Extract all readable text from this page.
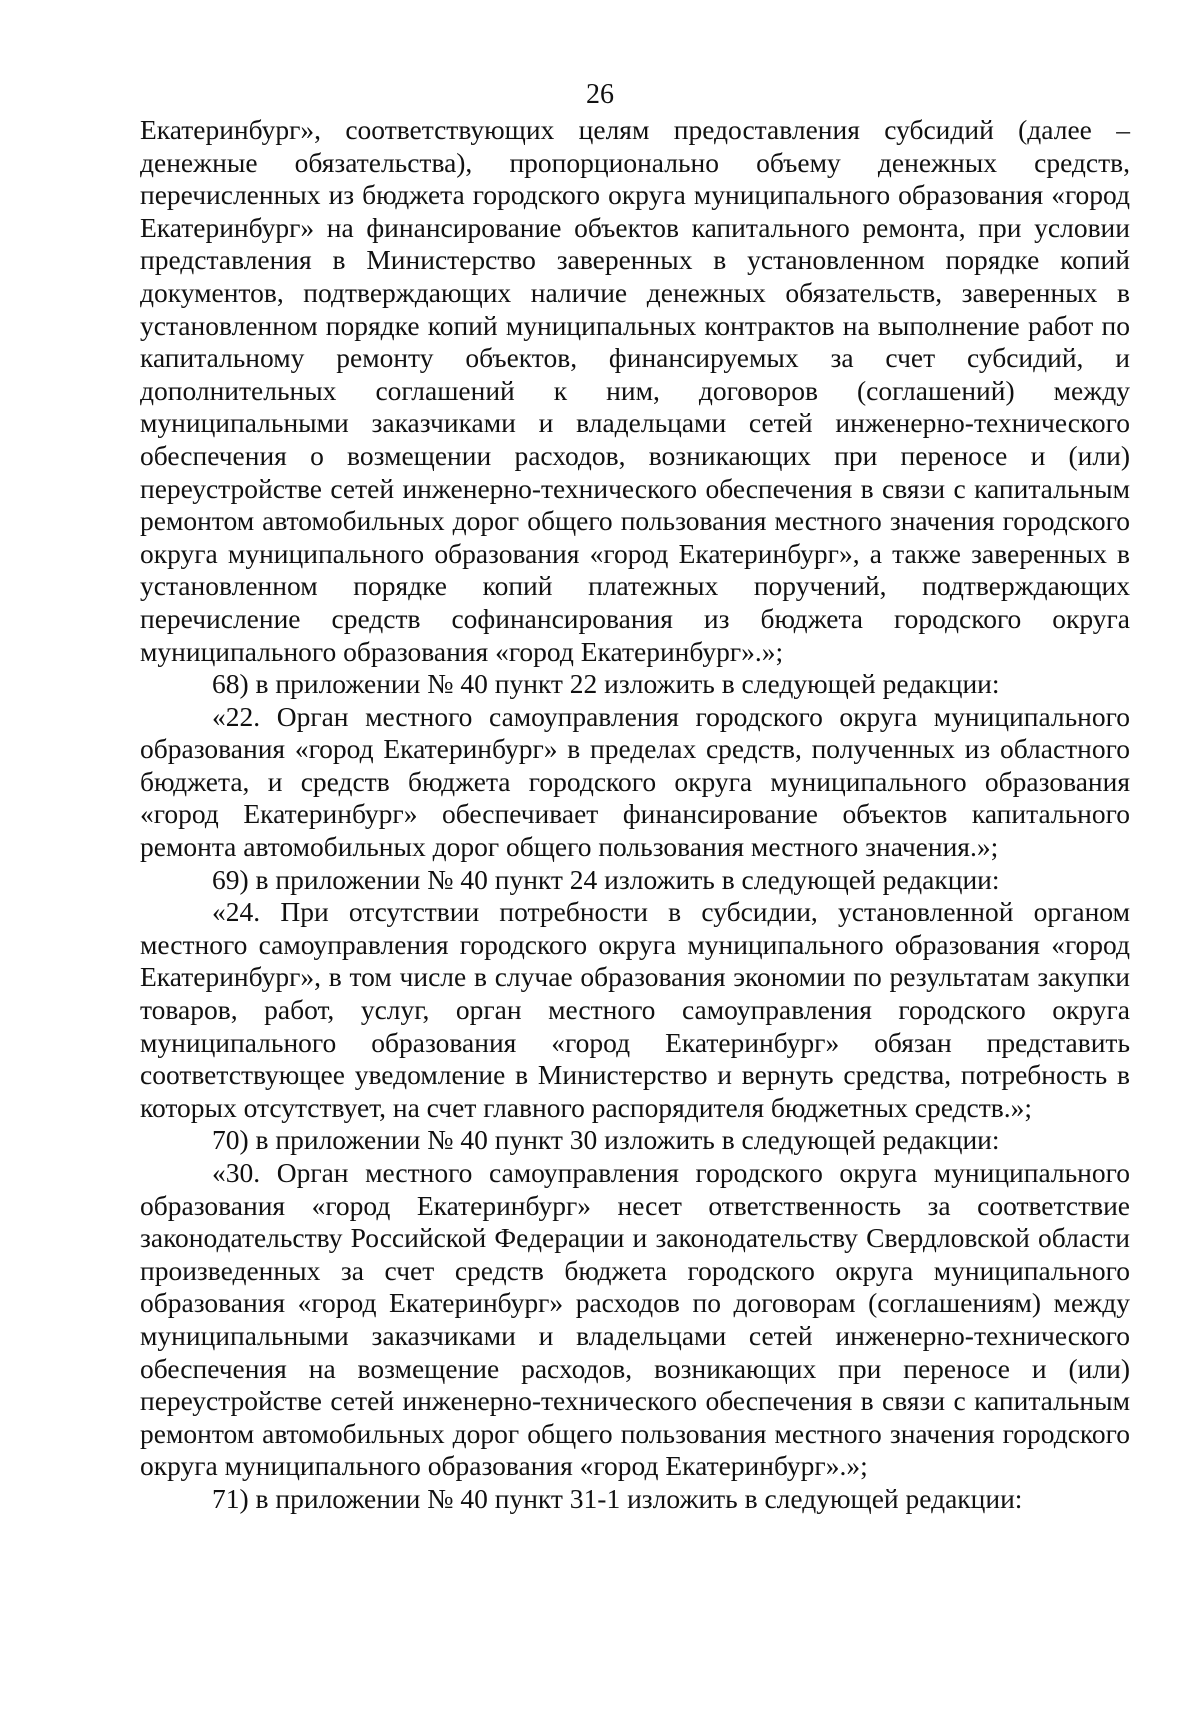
26

Екатеринбург», соответствующих целям предоставления субсидий (далее – денежные обязательства), пропорционально объему денежных средств, перечисленных из бюджета городского округа муниципального образования «город Екатеринбург» на финансирование объектов капитального ремонта, при условии представления в Министерство заверенных в установленном порядке копий документов, подтверждающих наличие денежных обязательств, заверенных в установленном порядке копий муниципальных контрактов на выполнение работ по капитальному ремонту объектов, финансируемых за счет субсидий, и дополнительных соглашений к ним, договоров (соглашений) между муниципальными заказчиками и владельцами сетей инженерно-технического обеспечения о возмещении расходов, возникающих при переносе и (или) переустройстве сетей инженерно-технического обеспечения в связи с капитальным ремонтом автомобильных дорог общего пользования местного значения городского округа муниципального образования «город Екатеринбург», а также заверенных в установленном порядке копий платежных поручений, подтверждающих перечисление средств софинансирования из бюджета городского округа муниципального образования «город Екатеринбург».»;

68) в приложении № 40 пункт 22 изложить в следующей редакции:

«22. Орган местного самоуправления городского округа муниципального образования «город Екатеринбург» в пределах средств, полученных из областного бюджета, и средств бюджета городского округа муниципального образования «город Екатеринбург» обеспечивает финансирование объектов капитального ремонта автомобильных дорог общего пользования местного значения.»;

69) в приложении № 40 пункт 24 изложить в следующей редакции:

«24. При отсутствии потребности в субсидии, установленной органом местного самоуправления городского округа муниципального образования «город Екатеринбург», в том числе в случае образования экономии по результатам закупки товаров, работ, услуг, орган местного самоуправления городского округа муниципального образования «город Екатеринбург» обязан представить соответствующее уведомление в Министерство и вернуть средства, потребность в которых отсутствует, на счет главного распорядителя бюджетных средств.»;

70) в приложении № 40 пункт 30 изложить в следующей редакции:

«30. Орган местного самоуправления городского округа муниципального образования «город Екатеринбург» несет ответственность за соответствие законодательству Российской Федерации и законодательству Свердловской области произведенных за счет средств бюджета городского округа муниципального образования «город Екатеринбург» расходов по договорам (соглашениям) между муниципальными заказчиками и владельцами сетей инженерно-технического обеспечения на возмещение расходов, возникающих при переносе и (или) переустройстве сетей инженерно-технического обеспечения в связи с капитальным ремонтом автомобильных дорог общего пользования местного значения городского округа муниципального образования «город Екатеринбург».»;

71) в приложении № 40 пункт 31-1 изложить в следующей редакции:
